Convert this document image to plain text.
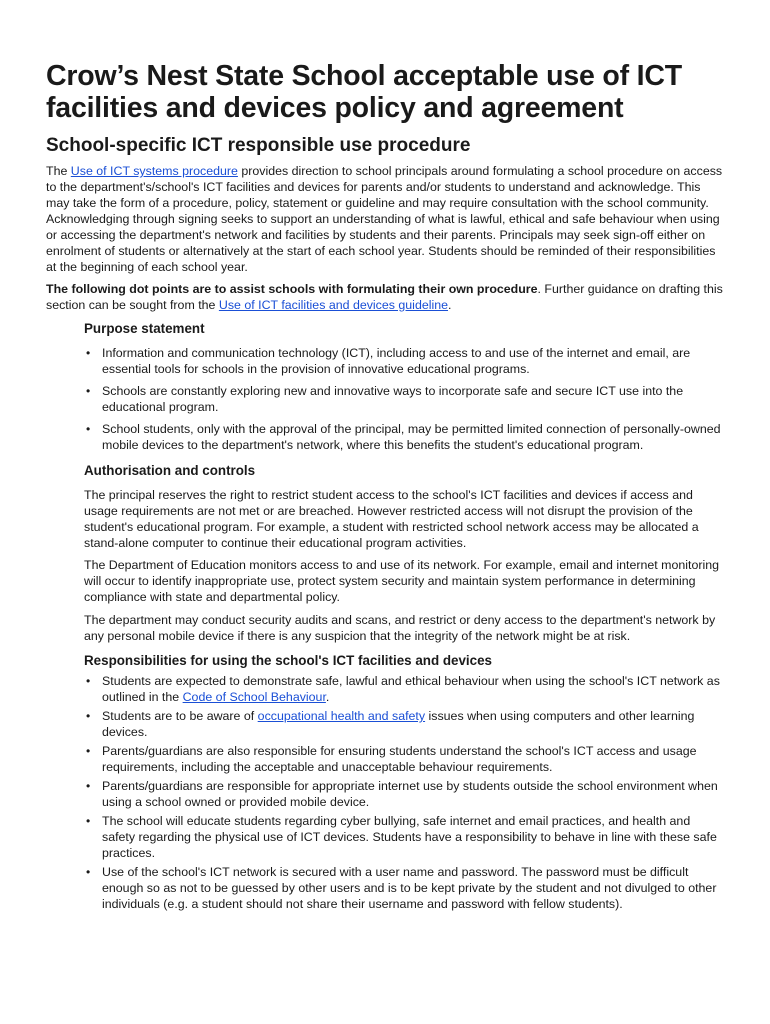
Crow’s Nest State School acceptable use of ICT facilities and devices policy and agreement
School-specific ICT responsible use procedure

The Use of ICT systems procedure provides direction to school principals around formulating a school procedure on access to the department's/school's ICT facilities and devices for parents and/or students to understand and acknowledge. This may take the form of a procedure, policy, statement or guideline and may require consultation with the school community. Acknowledging through signing seeks to support an understanding of what is lawful, ethical and safe behaviour when using or accessing the department's network and facilities by students and their parents. Principals may seek sign-off either on enrolment of students or alternatively at the start of each school year. Students should be reminded of their responsibilities at the beginning of each school year.

The following dot points are to assist schools with formulating their own procedure. Further guidance on drafting this section can be sought from the Use of ICT facilities and devices guideline.

Purpose statement
• Information and communication technology (ICT), including access to and use of the internet and email, are essential tools for schools in the provision of innovative educational programs.
• Schools are constantly exploring new and innovative ways to incorporate safe and secure ICT use into the educational program.
• School students, only with the approval of the principal, may be permitted limited connection of personally-owned mobile devices to the department's network, where this benefits the student's educational program.
Authorisation and controls

The principal reserves the right to restrict student access to the school's ICT facilities and devices if access and usage requirements are not met or are breached. However restricted access will not disrupt the provision of the student's educational program. For example, a student with restricted school network access may be allocated a stand-alone computer to continue their educational program activities.

The Department of Education monitors access to and use of its network. For example, email and internet monitoring will occur to identify inappropriate use, protect system security and maintain system performance in determining compliance with state and departmental policy.

The department may conduct security audits and scans, and restrict or deny access to the department's network by any personal mobile device if there is any suspicion that the integrity of the network might be at risk.

Responsibilities for using the school's ICT facilities and devices
• Students are expected to demonstrate safe, lawful and ethical behaviour when using the school's ICT network as outlined in the Code of School Behaviour.
• Students are to be aware of occupational health and safety issues when using computers and other learning devices.
• Parents/guardians are also responsible for ensuring students understand the school's ICT access and usage requirements, including the acceptable and unacceptable behaviour requirements.
• Parents/guardians are responsible for appropriate internet use by students outside the school environment when using a school owned or provided mobile device.
• The school will educate students regarding cyber bullying, safe internet and email practices, and health and safety regarding the physical use of ICT devices. Students have a responsibility to behave in line with these safe practices.
• Use of the school's ICT network is secured with a user name and password. The password must be difficult enough so as not to be guessed by other users and is to be kept private by the student and not divulged to other individuals (e.g. a student should not share their username and password with fellow students).
